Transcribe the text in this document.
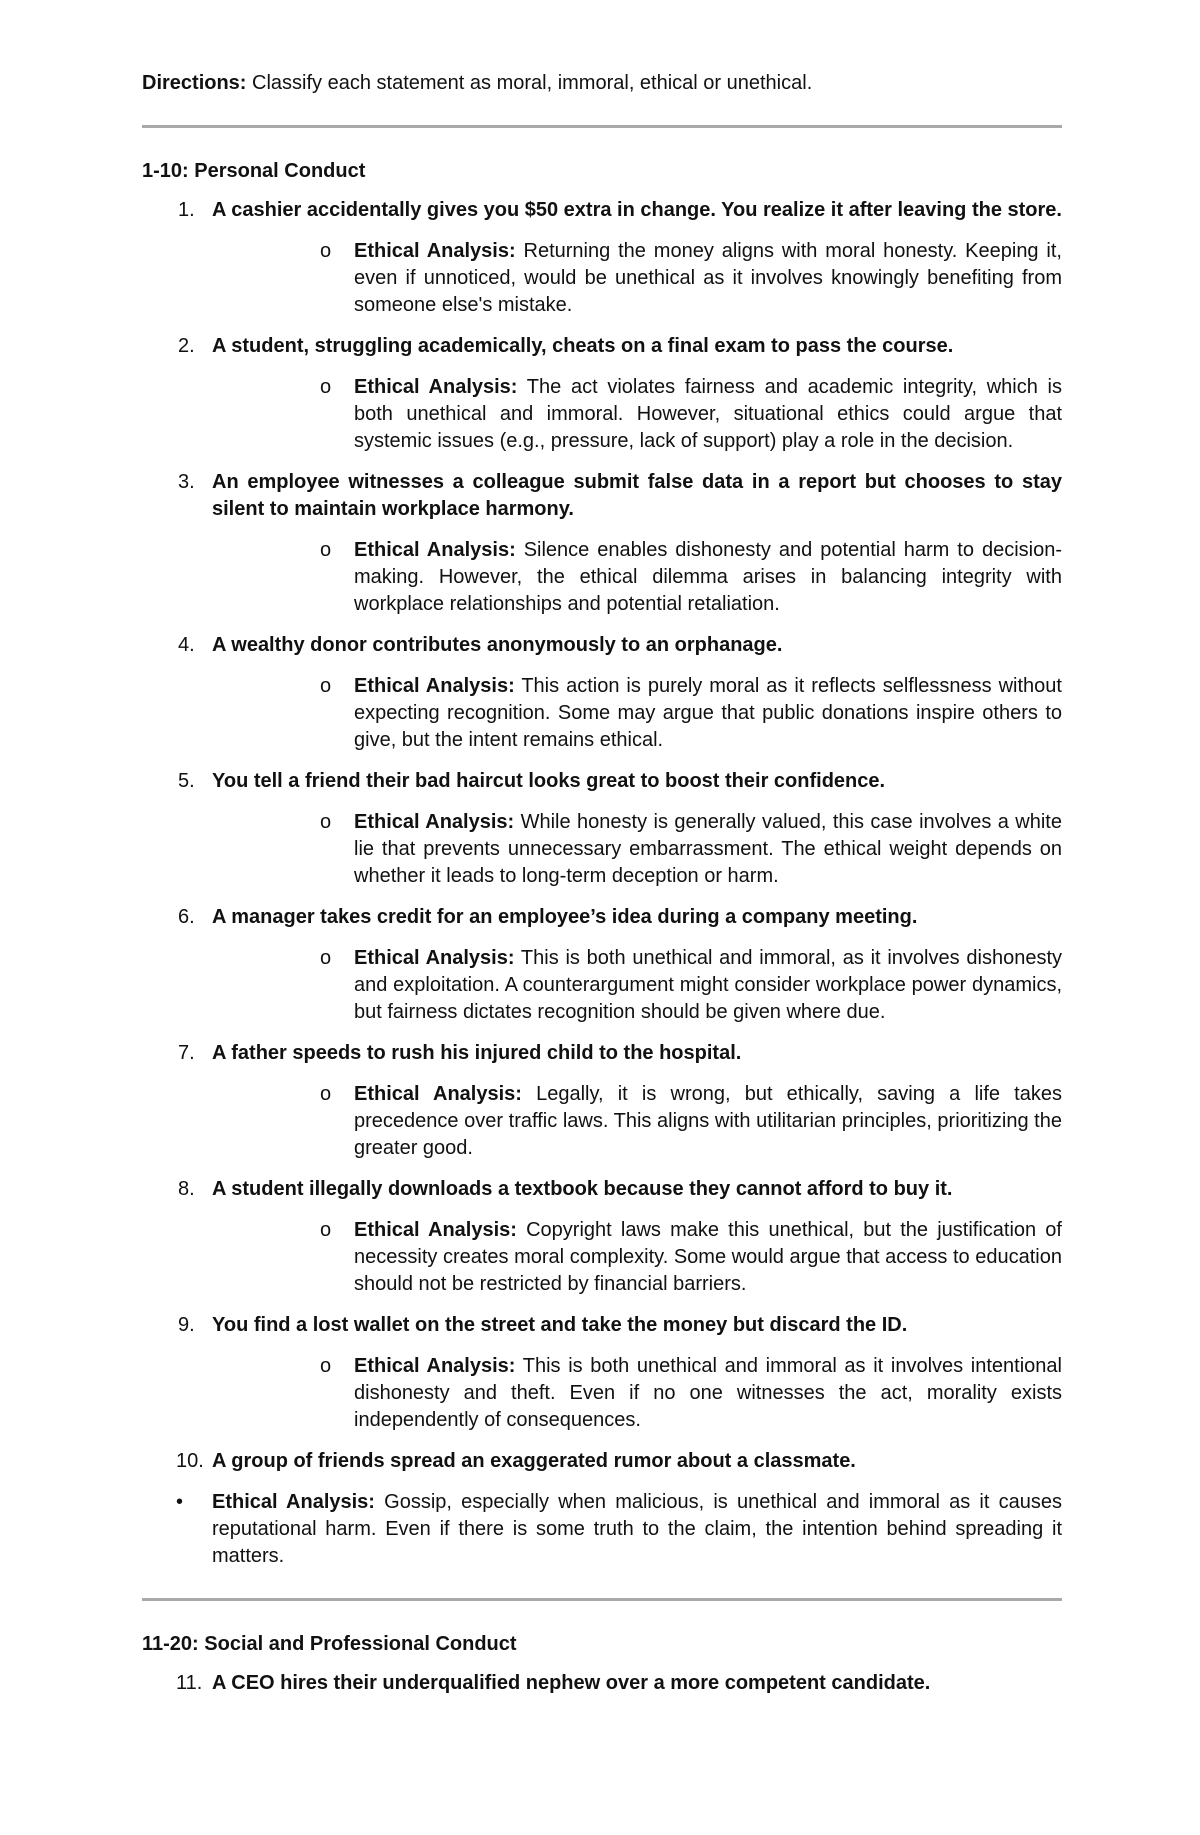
Directions: Classify each statement as moral, immoral, ethical or unethical.

1-10: Personal Conduct
1. A cashier accidentally gives you $50 extra in change. You realize it after leaving the store.
o Ethical Analysis: Returning the money aligns with moral honesty. Keeping it, even if unnoticed, would be unethical as it involves knowingly benefiting from someone else's mistake.
2. A student, struggling academically, cheats on a final exam to pass the course.
o Ethical Analysis: The act violates fairness and academic integrity, which is both unethical and immoral. However, situational ethics could argue that systemic issues (e.g., pressure, lack of support) play a role in the decision.
3. An employee witnesses a colleague submit false data in a report but chooses to stay silent to maintain workplace harmony.
o Ethical Analysis: Silence enables dishonesty and potential harm to decision-making. However, the ethical dilemma arises in balancing integrity with workplace relationships and potential retaliation.
4. A wealthy donor contributes anonymously to an orphanage.
o Ethical Analysis: This action is purely moral as it reflects selflessness without expecting recognition. Some may argue that public donations inspire others to give, but the intent remains ethical.
5. You tell a friend their bad haircut looks great to boost their confidence.
o Ethical Analysis: While honesty is generally valued, this case involves a white lie that prevents unnecessary embarrassment. The ethical weight depends on whether it leads to long-term deception or harm.
6. A manager takes credit for an employee’s idea during a company meeting.
o Ethical Analysis: This is both unethical and immoral, as it involves dishonesty and exploitation. A counterargument might consider workplace power dynamics, but fairness dictates recognition should be given where due.
7. A father speeds to rush his injured child to the hospital.
o Ethical Analysis: Legally, it is wrong, but ethically, saving a life takes precedence over traffic laws. This aligns with utilitarian principles, prioritizing the greater good.
8. A student illegally downloads a textbook because they cannot afford to buy it.
o Ethical Analysis: Copyright laws make this unethical, but the justification of necessity creates moral complexity. Some would argue that access to education should not be restricted by financial barriers.
9. You find a lost wallet on the street and take the money but discard the ID.
o Ethical Analysis: This is both unethical and immoral as it involves intentional dishonesty and theft. Even if no one witnesses the act, morality exists independently of consequences.
10. A group of friends spread an exaggerated rumor about a classmate.
• Ethical Analysis: Gossip, especially when malicious, is unethical and immoral as it causes reputational harm. Even if there is some truth to the claim, the intention behind spreading it matters.
11-20: Social and Professional Conduct
11. A CEO hires their underqualified nephew over a more competent candidate.
